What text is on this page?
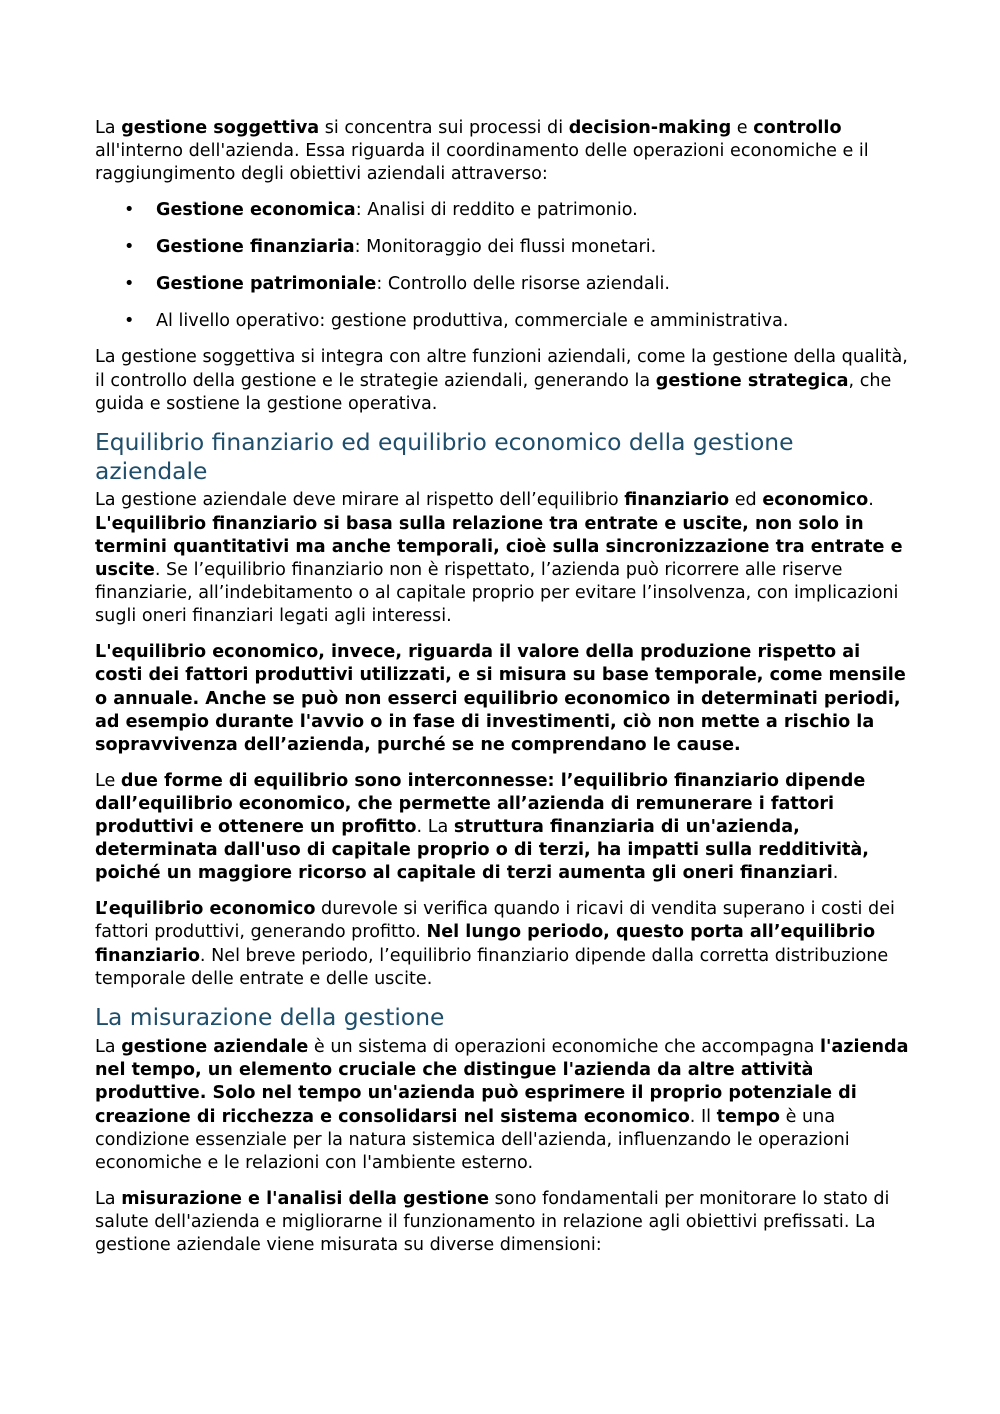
La gestione soggettiva si concentra sui processi di decision-making e controllo all'interno dell'azienda. Essa riguarda il coordinamento delle operazioni economiche e il raggiungimento degli obiettivi aziendali attraverso:

• Gestione economica: Analisi di reddito e patrimonio.
• Gestione finanziaria: Monitoraggio dei flussi monetari.
• Gestione patrimoniale: Controllo delle risorse aziendali.
• Al livello operativo: gestione produttiva, commerciale e amministrativa.

La gestione soggettiva si integra con altre funzioni aziendali, come la gestione della qualità, il controllo della gestione e le strategie aziendali, generando la gestione strategica, che guida e sostiene la gestione operativa.

Equilibrio finanziario ed equilibrio economico della gestione aziendale

La gestione aziendale deve mirare al rispetto dell’equilibrio finanziario ed economico. L'equilibrio finanziario si basa sulla relazione tra entrate e uscite, non solo in termini quantitativi ma anche temporali, cioè sulla sincronizzazione tra entrate e uscite. Se l’equilibrio finanziario non è rispettato, l’azienda può ricorrere alle riserve finanziarie, all’indebitamento o al capitale proprio per evitare l’insolvenza, con implicazioni sugli oneri finanziari legati agli interessi.

L'equilibrio economico, invece, riguarda il valore della produzione rispetto ai costi dei fattori produttivi utilizzati, e si misura su base temporale, come mensile o annuale. Anche se può non esserci equilibrio economico in determinati periodi, ad esempio durante l'avvio o in fase di investimenti, ciò non mette a rischio la sopravvivenza dell’azienda, purché se ne comprendano le cause.

Le due forme di equilibrio sono interconnesse: l’equilibrio finanziario dipende dall’equilibrio economico, che permette all’azienda di remunerare i fattori produttivi e ottenere un profitto. La struttura finanziaria di un'azienda, determinata dall'uso di capitale proprio o di terzi, ha impatti sulla redditività, poiché un maggiore ricorso al capitale di terzi aumenta gli oneri finanziari.

L’equilibrio economico durevole si verifica quando i ricavi di vendita superano i costi dei fattori produttivi, generando profitto. Nel lungo periodo, questo porta all’equilibrio finanziario. Nel breve periodo, l’equilibrio finanziario dipende dalla corretta distribuzione temporale delle entrate e delle uscite.

La misurazione della gestione

La gestione aziendale è un sistema di operazioni economiche che accompagna l'azienda nel tempo, un elemento cruciale che distingue l'azienda da altre attività produttive. Solo nel tempo un'azienda può esprimere il proprio potenziale di creazione di ricchezza e consolidarsi nel sistema economico. Il tempo è una condizione essenziale per la natura sistemica dell'azienda, influenzando le operazioni economiche e le relazioni con l'ambiente esterno.

La misurazione e l'analisi della gestione sono fondamentali per monitorare lo stato di salute dell'azienda e migliorarne il funzionamento in relazione agli obiettivi prefissati. La gestione aziendale viene misurata su diverse dimensioni:
